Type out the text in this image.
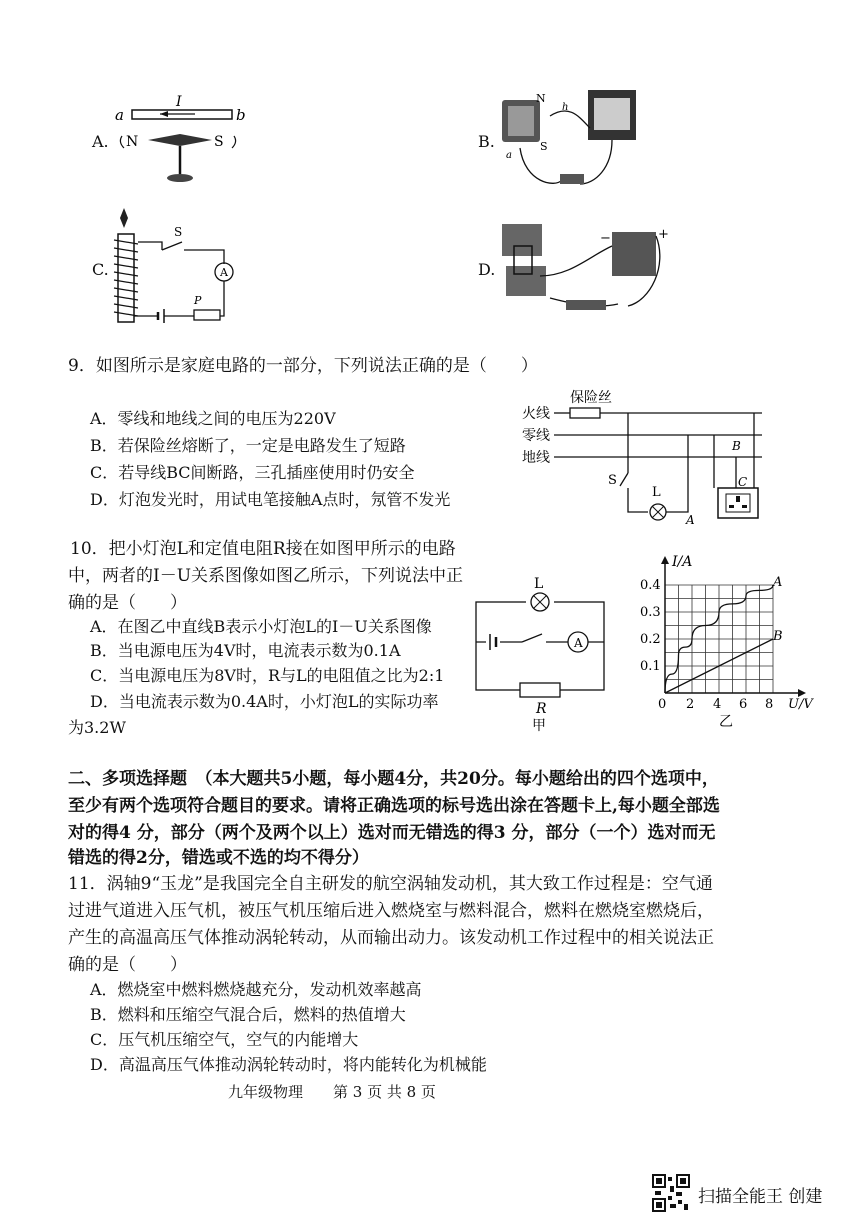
A.	B.
C.	D.
a
I
b
N	S
N
S
h
a
S
A
P
−	+
9．如图所示是家庭电路的一部分，下列说法正确的是（　　）
A．零线和地线之间的电压为220V
B．若保险丝熔断了，一定是电路发生了短路
C．若导线BC间断路，三孔插座使用时仍安全
D．灯泡发光时，用试电笔接触A点时，氖管不发光
火线
零线
地线
保险丝
S
L
A
B
C
10．把小灯泡L和定值电阻R接在如图甲所示的电路
中，两者的I－U关系图像如图乙所示，下列说法中正
确的是（　　）
A．在图乙中直线B表示小灯泡L的I－U关系图像
B．当电源电压为4V时，电流表示数为0.1A
C．当电源电压为8V时，R与L的电阻值之比为2:1
D．当电流表示数为0.4A时，小灯泡L的实际功率
为3.2W
L
A
R
甲
I/A
U/V
0 2 4 6 8
0.1
0.2
0.3
0.4	A
B
乙
二、多项选择题　（本大题共5小题，每小题4分，共20分。每小题给出的四个选项中，
至少有两个选项符合题目的要求。请将正确选项的标号选出涂在答题卡上,每小题全部选
对的得4 分，部分（两个及两个以上）选对而无错选的得3 分，部分（一个）选对而无
错选的得2分，错选或不选的均不得分）
11．涡轴9“玉龙”是我国完全自主研发的航空涡轴发动机，其大致工作过程是：空气通
过进气道进入压气机，被压气机压缩后进入燃烧室与燃料混合，燃料在燃烧室燃烧后，
产生的高温高压气体推动涡轮转动，从而输出动力。该发动机工作过程中的相关说法正
确的是（　　）
A．燃烧室中燃料燃烧越充分，发动机效率越高
B．燃料和压缩空气混合后，燃料的热值增大
C．压气机压缩空气，空气的内能增大
D．高温高压气体推动涡轮转动时，将内能转化为机械能
九年级物理　　第 3 页 共 8 页
扫描全能王 创建
